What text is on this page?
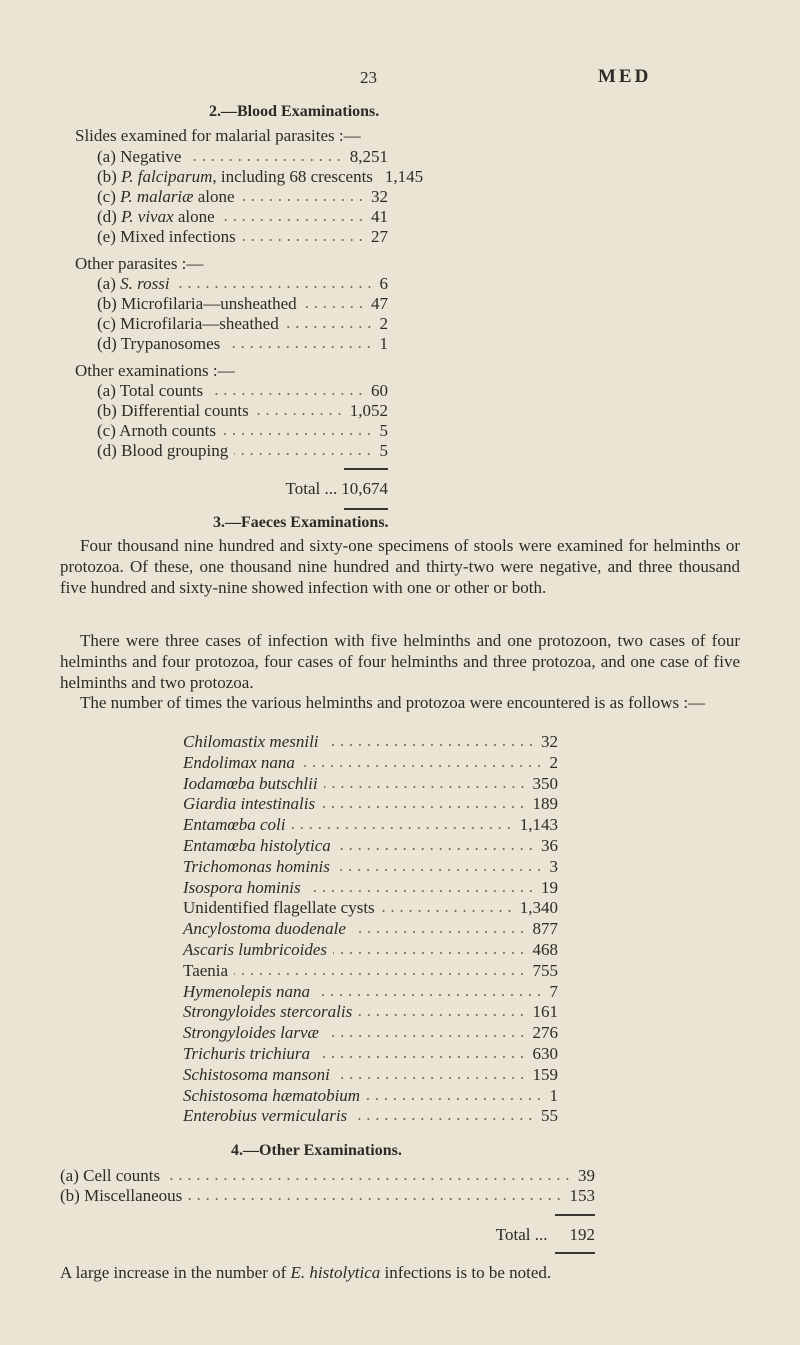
23	MED
2.—Blood Examinations.
Slides examined for malarial parasites :—
(a) Negative	8,251
(b) P. falciparum, including 68 crescents 1,145
(c) P. malariæ alone	32
(d) P. vivax alone	41
(e) Mixed infections	27
Other parasites :—
(a) S. rossi	6
(b) Microfilaria—unsheathed	47
(c) Microfilaria—sheathed	2
(d) Trypanosomes	1
Other examinations :—
(a) Total counts	60
(b) Differential counts	1,052
(c) Arnoth counts	5
(d) Blood grouping	5
Total ... 10,674
3.—Faeces Examinations.
Four thousand nine hundred and sixty-one specimens of stools were examined for helminths or protozoa. Of these, one thousand nine hundred and thirty-two were negative, and three thousand five hundred and sixty-nine showed infection with one or other or both.
There were three cases of infection with five helminths and one protozoon, two cases of four helminths and four protozoa, four cases of four helminths and three protozoa, and one case of five helminths and two protozoa.
The number of times the various helminths and protozoa were encountered is as follows :—
Chilomastix mesnili	32
Endolimax nana	2
Iodamœba butschlii	350
Giardia intestinalis	189
Entamœba coli	1,143
Entamœba histolytica	36
Trichomonas hominis	3
Isospora hominis	19
Unidentified flagellate cysts	1,340
Ancylostoma duodenale	877
Ascaris lumbricoides	468
Taenia	755
Hymenolepis nana	7
Strongyloides stercoralis	161
Strongyloides larvæ	276
Trichuris trichiura	630
Schistosoma mansoni	159
Schistosoma hæmatobium	1
Enterobius vermicularis	55
4.—Other Examinations.
(a) Cell counts	39
(b) Miscellaneous	153
Total ... 192
A large increase in the number of E. histolytica infections is to be noted.
